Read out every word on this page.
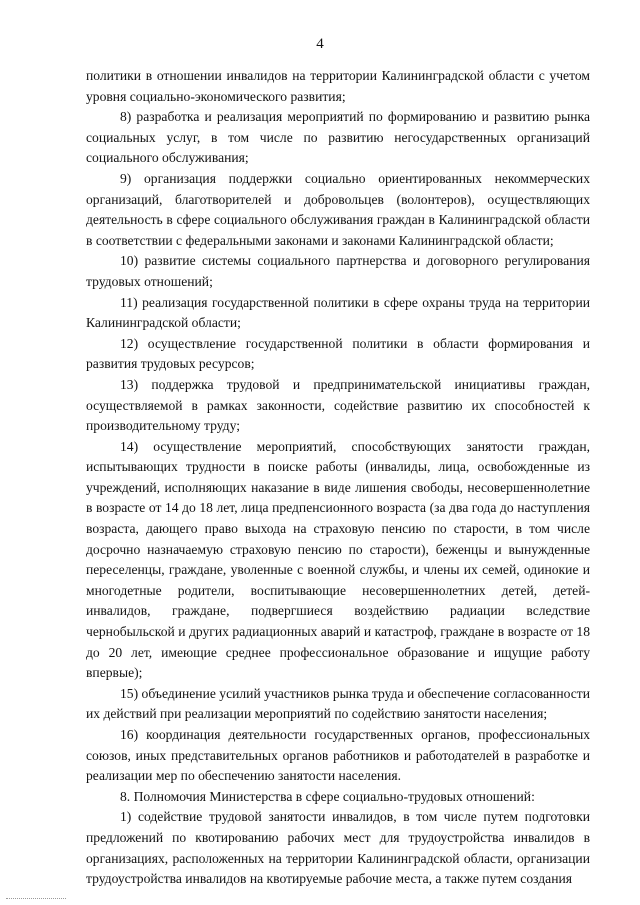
4

политики в отношении инвалидов на территории Калининградской области с учетом уровня социально-экономического развития;

8) разработка и реализация мероприятий по формированию и развитию рынка социальных услуг, в том числе по развитию негосударственных организаций социального обслуживания;

9) организация поддержки социально ориентированных некоммерческих организаций, благотворителей и добровольцев (волонтеров), осуществляющих деятельность в сфере социального обслуживания граждан в Калининградской области в соответствии с федеральными законами и законами Калининградской области;

10) развитие системы социального партнерства и договорного регулирования трудовых отношений;

11) реализация государственной политики в сфере охраны труда на территории Калининградской области;

12) осуществление государственной политики в области формирования и развития трудовых ресурсов;

13) поддержка трудовой и предпринимательской инициативы граждан, осуществляемой в рамках законности, содействие развитию их способностей к производительному труду;

14) осуществление мероприятий, способствующих занятости граждан, испытывающих трудности в поиске работы (инвалиды, лица, освобожденные из учреждений, исполняющих наказание в виде лишения свободы, несовершеннолетние в возрасте от 14 до 18 лет, лица предпенсионного возраста (за два года до наступления возраста, дающего право выхода на страховую пенсию по старости, в том числе досрочно назначаемую страховую пенсию по старости), беженцы и вынужденные переселенцы, граждане, уволенные с военной службы, и члены их семей, одинокие и многодетные родители, воспитывающие несовершеннолетних детей, детей-инвалидов, граждане, подвергшиеся воздействию радиации вследствие чернобыльской и других радиационных аварий и катастроф, граждане в возрасте от 18 до 20 лет, имеющие среднее профессиональное образование и ищущие работу впервые);

15) объединение усилий участников рынка труда и обеспечение согласованности их действий при реализации мероприятий по содействию занятости населения;

16) координация деятельности государственных органов, профессиональных союзов, иных представительных органов работников и работодателей в разработке и реализации мер по обеспечению занятости населения.

8. Полномочия Министерства в сфере социально-трудовых отношений:

1) содействие трудовой занятости инвалидов, в том числе путем подготовки предложений по квотированию рабочих мест для трудоустройства инвалидов в организациях, расположенных на территории Калининградской области, организации трудоустройства инвалидов на квотируемые рабочие места, а также путем создания
